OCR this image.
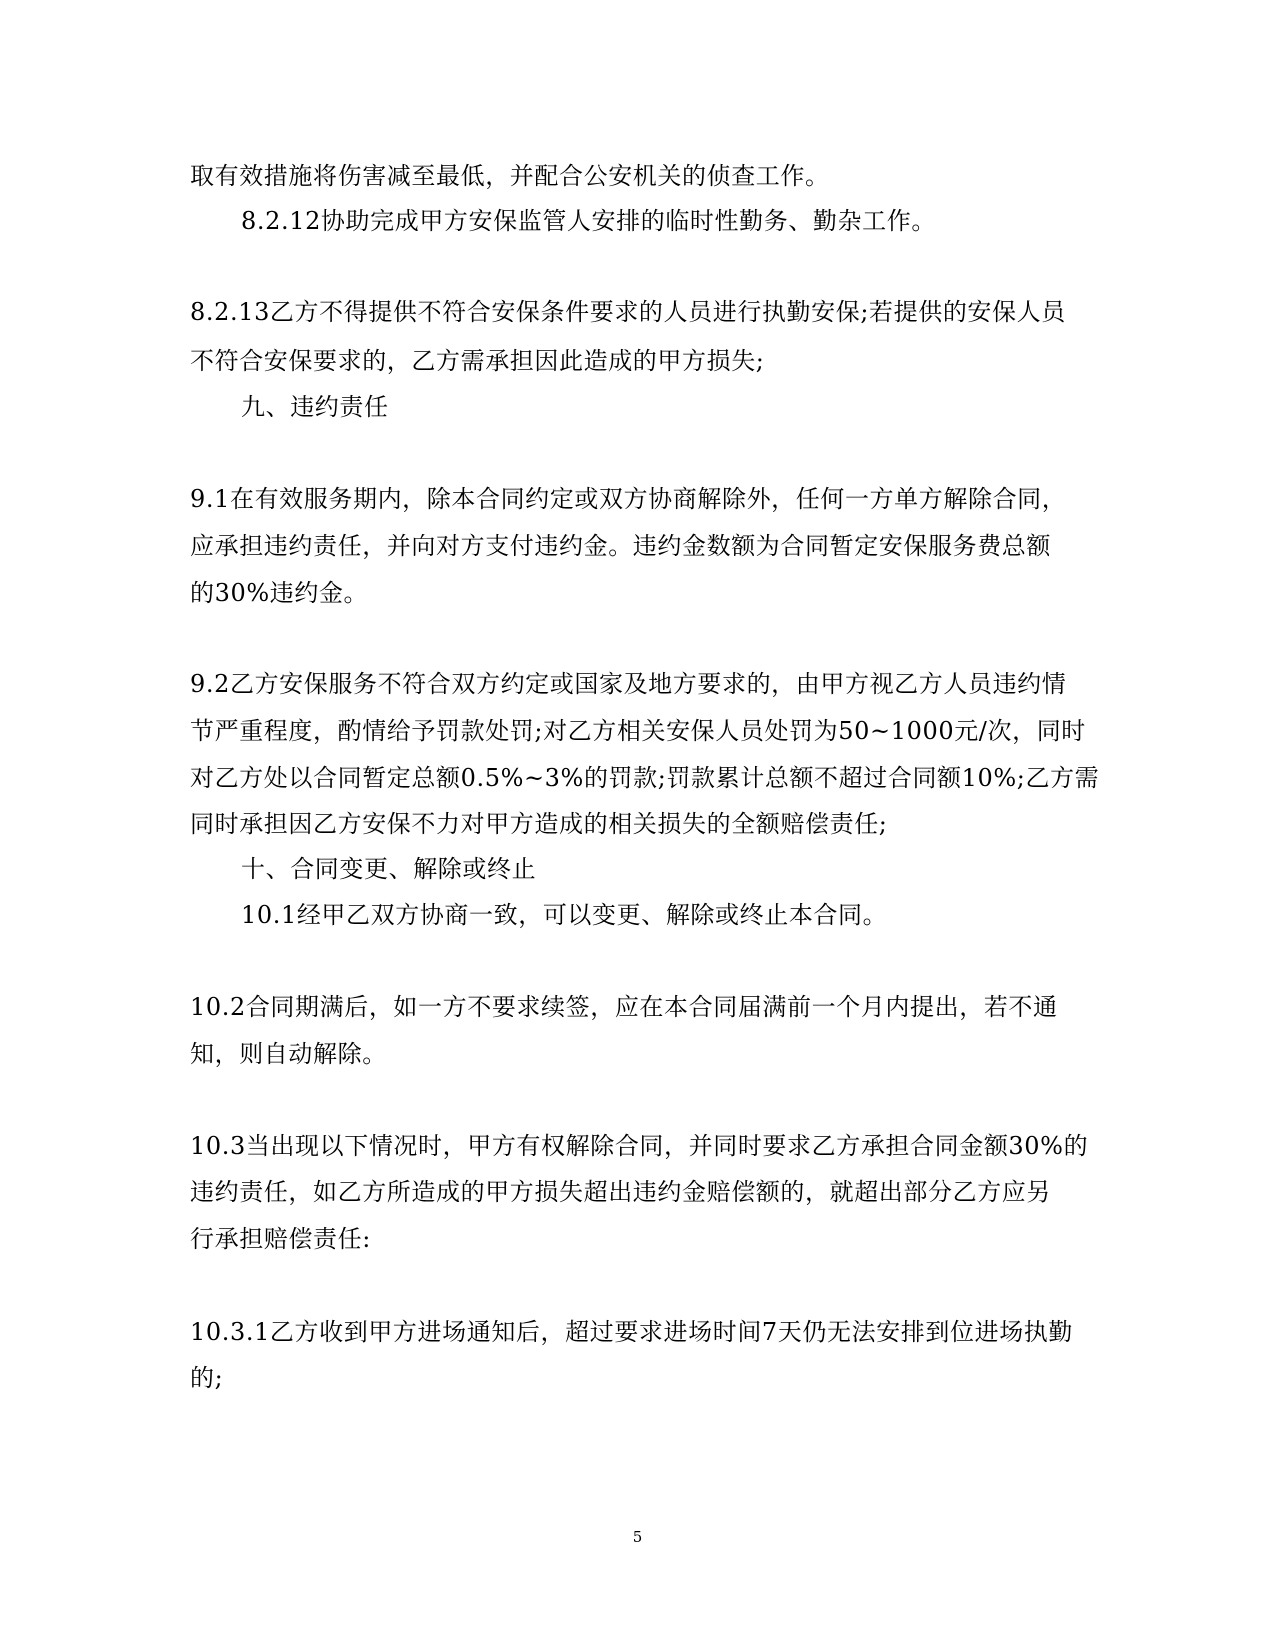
取有效措施将伤害减至最低，并配合公安机关的侦查工作。
8.2.12协助完成甲方安保监管人安排的临时性勤务、勤杂工作。
8.2.13乙方不得提供不符合安保条件要求的人员进行执勤安保;若提供的安保人员
不符合安保要求的，乙方需承担因此造成的甲方损失;
九、违约责任
9.1在有效服务期内，除本合同约定或双方协商解除外，任何一方单方解除合同，
应承担违约责任，并向对方支付违约金。违约金数额为合同暂定安保服务费总额
的30%违约金。
9.2乙方安保服务不符合双方约定或国家及地方要求的，由甲方视乙方人员违约情
节严重程度，酌情给予罚款处罚;对乙方相关安保人员处罚为50~1000元/次，同时
对乙方处以合同暂定总额0.5%~3%的罚款;罚款累计总额不超过合同额10%;乙方需
同时承担因乙方安保不力对甲方造成的相关损失的全额赔偿责任;
十、合同变更、解除或终止
10.1经甲乙双方协商一致，可以变更、解除或终止本合同。
10.2合同期满后，如一方不要求续签，应在本合同届满前一个月内提出，若不通
知，则自动解除。
10.3当出现以下情况时，甲方有权解除合同，并同时要求乙方承担合同金额30%的
违约责任，如乙方所造成的甲方损失超出违约金赔偿额的，就超出部分乙方应另
行承担赔偿责任:
10.3.1乙方收到甲方进场通知后，超过要求进场时间7天仍无法安排到位进场执勤
的;
5
